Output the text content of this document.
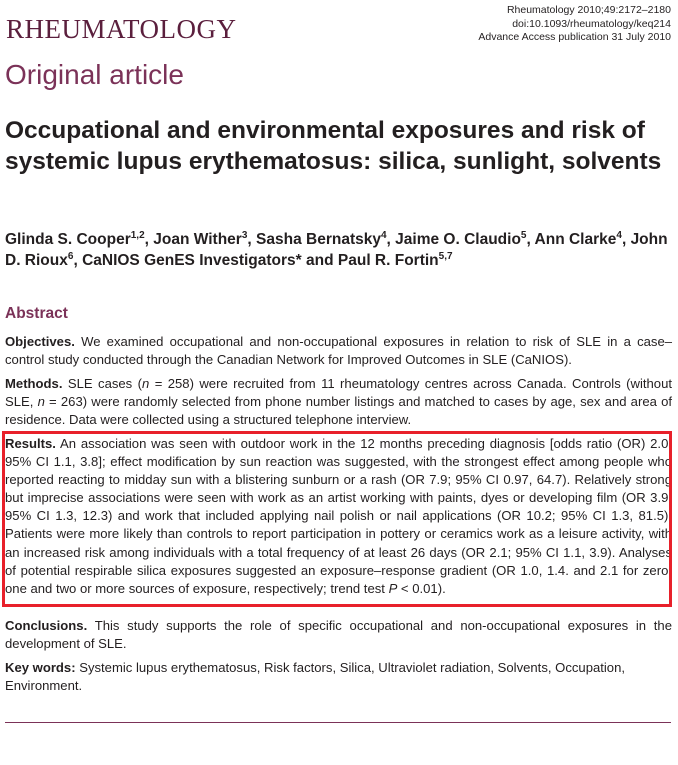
RHEUMATOLOGY
Rheumatology 2010;49:2172–2180
doi:10.1093/rheumatology/keq214
Advance Access publication 31 July 2010
Original article
Occupational and environmental exposures and risk of systemic lupus erythematosus: silica, sunlight, solvents
Glinda S. Cooper$^{1,2}$, Joan Wither$^3$, Sasha Bernatsky$^4$, Jaime O. Claudio$^5$, Ann Clarke$^4$, John D. Rioux$^6$, CaNIOS GenES Investigators* and Paul R. Fortin$^{5,7}$
Abstract
Objectives. We examined occupational and non-occupational exposures in relation to risk of SLE in a case–control study conducted through the Canadian Network for Improved Outcomes in SLE (CaNIOS).
Methods. SLE cases (n = 258) were recruited from 11 rheumatology centres across Canada. Controls (without SLE, n = 263) were randomly selected from phone number listings and matched to cases by age, sex and area of residence. Data were collected using a structured telephone interview.
Results. An association was seen with outdoor work in the 12 months preceding diagnosis [odds ratio (OR) 2.0; 95% CI 1.1, 3.8]; effect modification by sun reaction was suggested, with the strongest effect among people who reported reacting to midday sun with a blistering sunburn or a rash (OR 7.9; 95% CI 0.97, 64.7). Relatively strong but imprecise associations were seen with work as an artist working with paints, dyes or developing film (OR 3.9; 95% CI 1.3, 12.3) and work that included applying nail polish or nail applications (OR 10.2; 95% CI 1.3, 81.5). Patients were more likely than controls to report participation in pottery or ceramics work as a leisure activity, with an increased risk among individuals with a total frequency of at least 26 days (OR 2.1; 95% CI 1.1, 3.9). Analyses of potential respirable silica exposures suggested an exposure–response gradient (OR 1.0, 1.4. and 2.1 for zero, one and two or more sources of exposure, respectively; trend test P < 0.01).
Conclusions. This study supports the role of specific occupational and non-occupational exposures in the development of SLE.
Key words: Systemic lupus erythematosus, Risk factors, Silica, Ultraviolet radiation, Solvents, Occupation, Environment.
